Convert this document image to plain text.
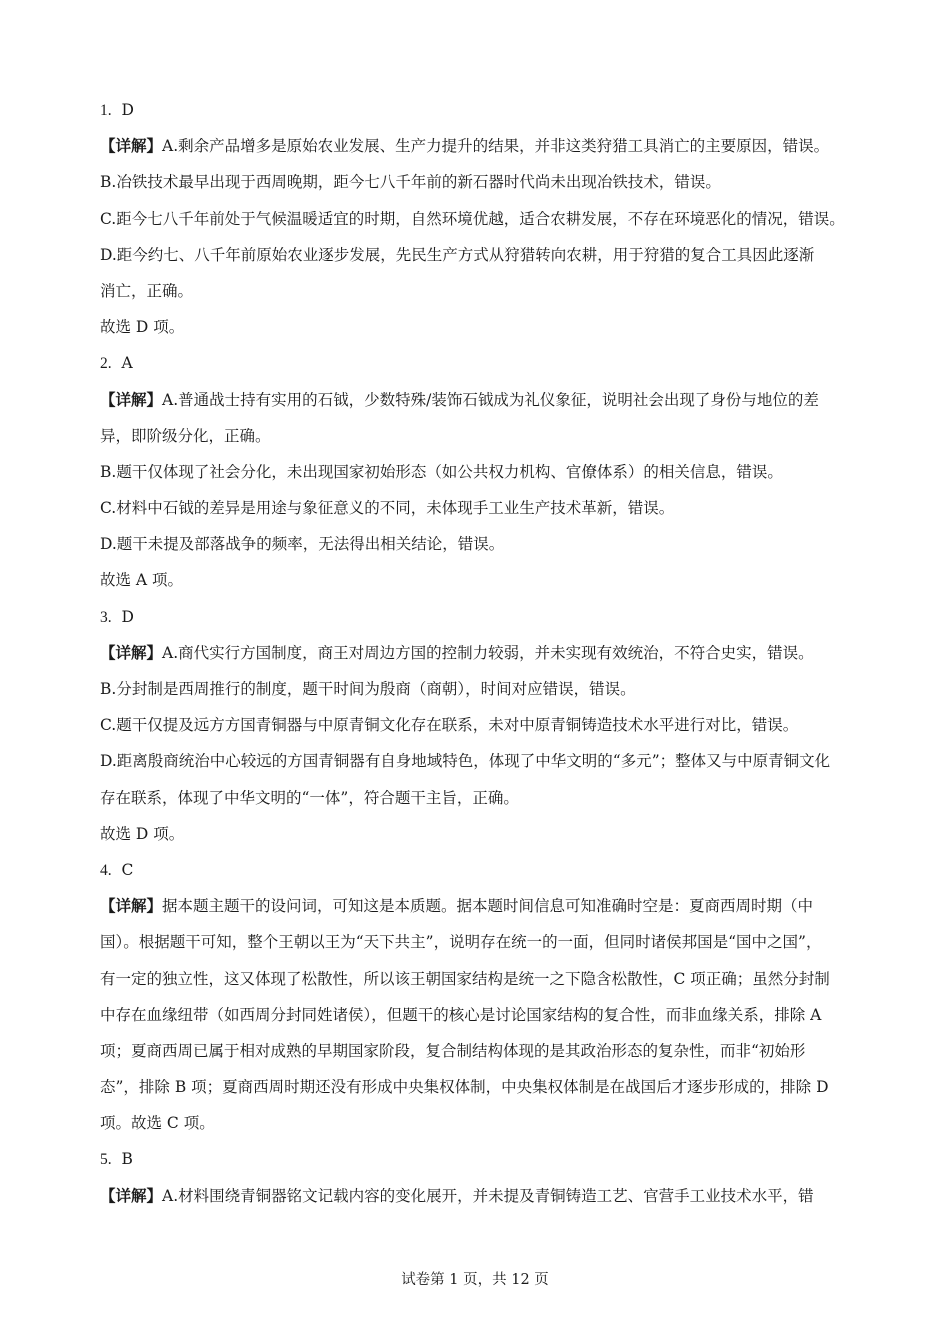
1. D
【详解】A.剩余产品增多是原始农业发展、生产力提升的结果，并非这类狩猎工具消亡的主要原因，错误。
B.冶铁技术最早出现于西周晚期，距今七八千年前的新石器时代尚未出现冶铁技术，错误。
C.距今七八千年前处于气候温暖适宜的时期，自然环境优越，适合农耕发展，不存在环境恶化的情况，错误。
D.距今约七、八千年前原始农业逐步发展，先民生产方式从狩猎转向农耕，用于狩猎的复合工具因此逐渐
消亡，正确。
故选 D 项。
2. A
【详解】A.普通战士持有实用的石钺，少数特殊/装饰石钺成为礼仪象征，说明社会出现了身份与地位的差
异，即阶级分化，正确。
B.题干仅体现了社会分化，未出现国家初始形态（如公共权力机构、官僚体系）的相关信息，错误。
C.材料中石钺的差异是用途与象征意义的不同，未体现手工业生产技术革新，错误。
D.题干未提及部落战争的频率，无法得出相关结论，错误。
故选 A 项。
3. D
【详解】A.商代实行方国制度，商王对周边方国的控制力较弱，并未实现有效统治，不符合史实，错误。
B.分封制是西周推行的制度，题干时间为殷商（商朝），时间对应错误，错误。
C.题干仅提及远方方国青铜器与中原青铜文化存在联系，未对中原青铜铸造技术水平进行对比，错误。
D.距离殷商统治中心较远的方国青铜器有自身地域特色，体现了中华文明的“多元”；整体又与中原青铜文化
存在联系，体现了中华文明的“一体”，符合题干主旨，正确。
故选 D 项。
4. C
【详解】据本题主题干的设问词，可知这是本质题。据本题时间信息可知准确时空是：夏商西周时期（中
国）。根据题干可知，整个王朝以王为“天下共主”，说明存在统一的一面，但同时诸侯邦国是“国中之国”，
有一定的独立性，这又体现了松散性，所以该王朝国家结构是统一之下隐含松散性，C 项正确；虽然分封制
中存在血缘纽带（如西周分封同姓诸侯），但题干的核心是讨论国家结构的复合性，而非血缘关系，排除 A
项；夏商西周已属于相对成熟的早期国家阶段，复合制结构体现的是其政治形态的复杂性，而非“初始形
态”，排除 B 项；夏商西周时期还没有形成中央集权体制，中央集权体制是在战国后才逐步形成的，排除 D
项。故选 C 项。
5. B
【详解】A.材料围绕青铜器铭文记载内容的变化展开，并未提及青铜铸造工艺、官营手工业技术水平，错
试卷第 1 页，共 12 页
